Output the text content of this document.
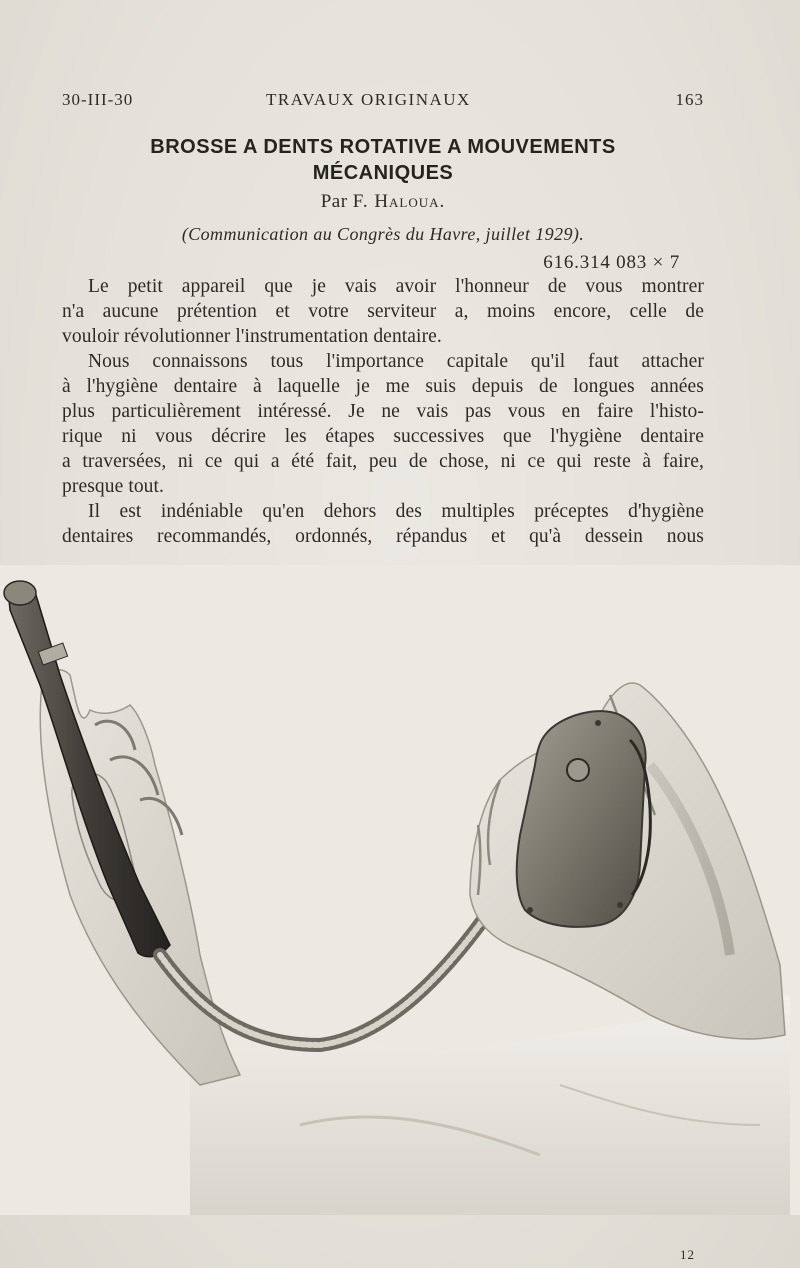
30-III-30	TRAVAUX ORIGINAUX	163
BROSSE A DENTS ROTATIVE A MOUVEMENTS
MÉCANIQUES
Par F. Haloua.
(Communication au Congrès du Havre, juillet 1929).
616.314 083 × 7
Le petit appareil que je vais avoir l'honneur de vous montrer
n'a aucune prétention et votre serviteur a, moins encore, celle de
vouloir révolutionner l'instrumentation dentaire.
Nous connaissons tous l'importance capitale qu'il faut attacher
à l'hygiène dentaire à laquelle je me suis depuis de longues années
plus particulièrement intéressé. Je ne vais pas vous en faire l'histo-
rique ni vous décrire les étapes successives que l'hygiène dentaire
a traversées, ni ce qui a été fait, peu de chose, ni ce qui reste à faire,
presque tout.
Il est indéniable qu'en dehors des multiples préceptes d'hygiène
dentaires recommandés, ordonnés, répandus et qu'à dessein nous
12
